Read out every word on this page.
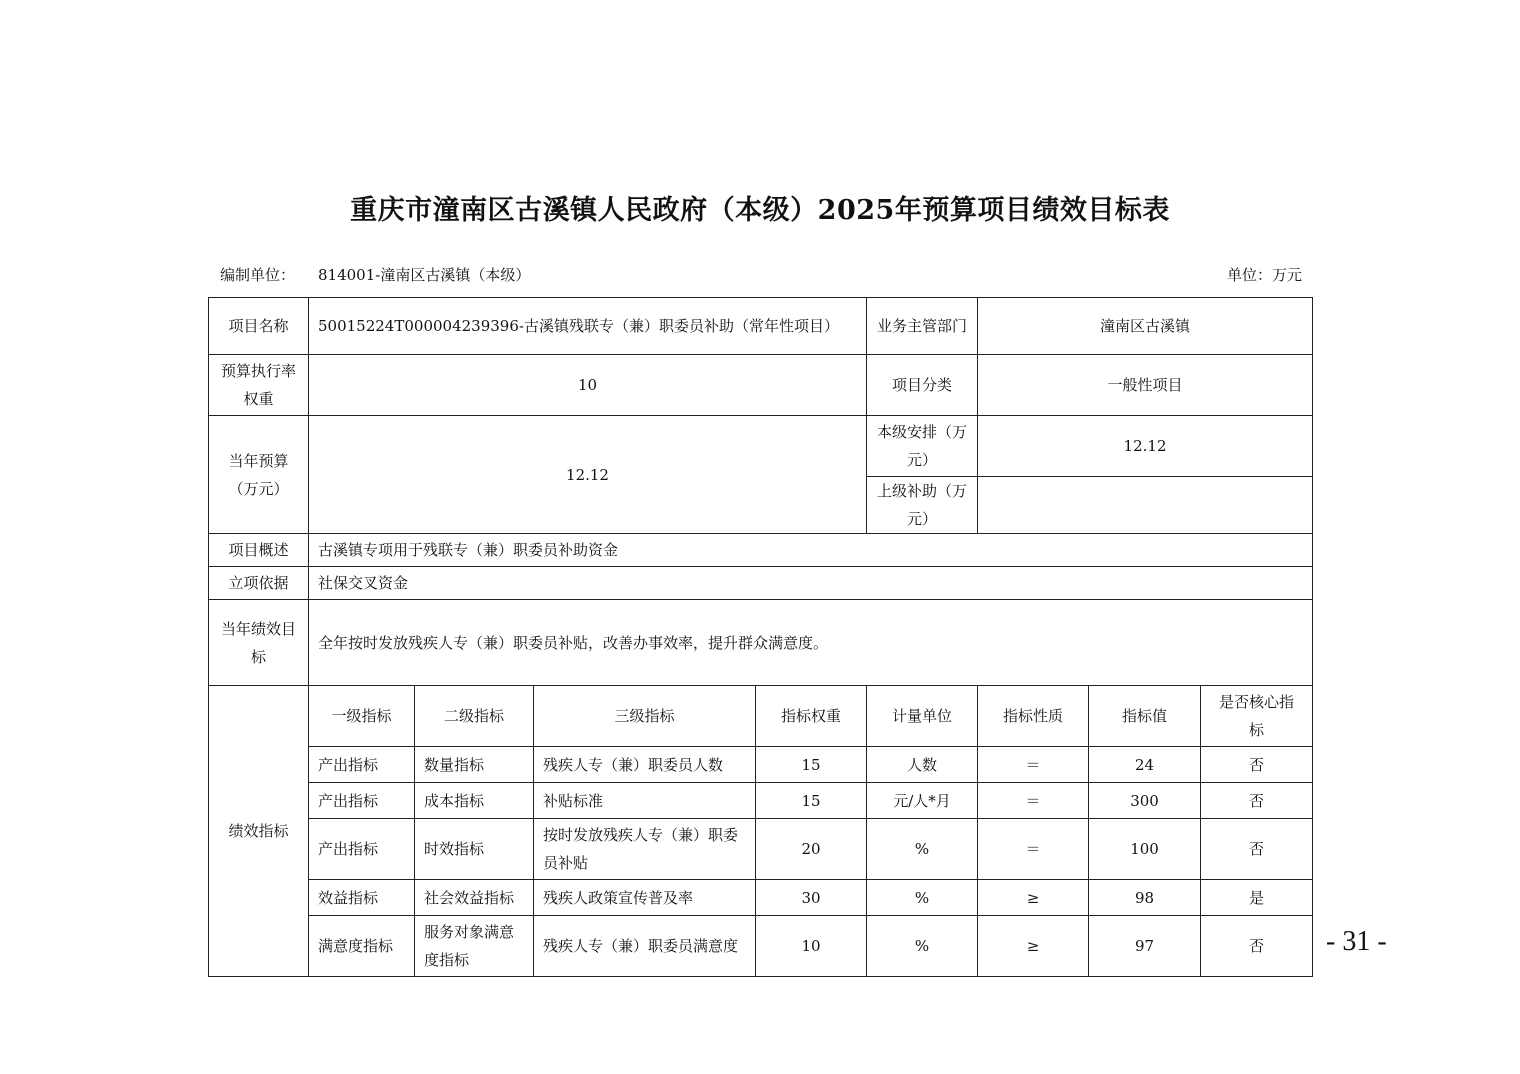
重庆市潼南区古溪镇人民政府（本级）2025年预算项目绩效目标表
编制单位： 814001-潼南区古溪镇（本级）	单位：万元
项目名称	50015224T000004239396-古溪镇残联专（兼）职委员补助（常年性项目）				业务主管部门	潼南区古溪镇		
预算执行率权重	10				项目分类	一般性项目		
当年预算（万元）	12.12				本级安排（万元）	12.12		
					上级补助（万元）			
项目概述	古溪镇专项用于残联专（兼）职委员补助资金							
立项依据	社保交叉资金							
当年绩效目标	全年按时发放残疾人专（兼）职委员补贴，改善办事效率，提升群众满意度。							
绩效指标	一级指标	二级指标	三级指标	指标权重	计量单位	指标性质	指标值	是否核心指标
	产出指标	数量指标	残疾人专（兼）职委员人数	15	人数	＝	24	否
	产出指标	成本指标	补贴标准	15	元/人*月	＝	300	否
	产出指标	时效指标	按时发放残疾人专（兼）职委员补贴	20	%	＝	100	否
	效益指标	社会效益指标	残疾人政策宣传普及率	30	%	≥	98	是
	满意度指标	服务对象满意度指标	残疾人专（兼）职委员满意度	10	%	≥	97	否 - 31 -
